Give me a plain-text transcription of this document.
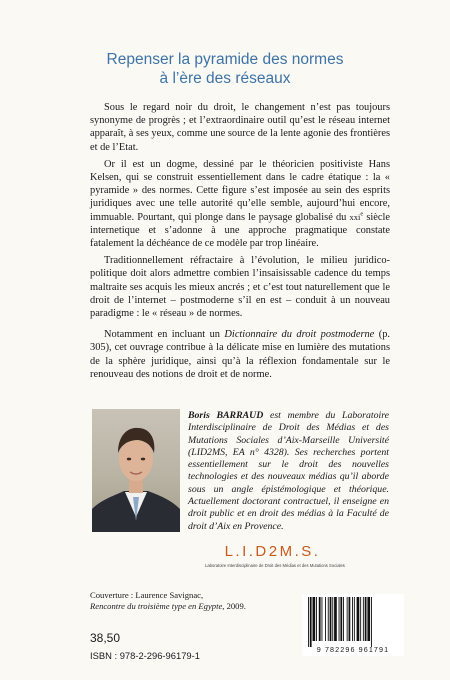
Repenser la pyramide des normes
à l’ère des réseaux

Sous le regard noir du droit, le changement n’est pas toujours synonyme de progrès ; et l’extraordinaire outil qu’est le réseau internet apparaît, à ses yeux, comme une source de la lente agonie des frontières et de l’Etat.

Or il est un dogme, dessiné par le théoricien positiviste Hans Kelsen, qui se construit essentiellement dans le cadre étatique : la « pyramide » des normes. Cette figure s’est imposée au sein des esprits juridiques avec une telle autorité qu’elle semble, aujourd’hui encore, immuable. Pourtant, qui plonge dans le paysage globalisé du xxi$^e$ siècle internetique et s’adonne à une approche pragmatique constate fatalement la déchéance de ce modèle par trop linéaire.

Traditionnellement réfractaire à l’évolution, le milieu juridico-politique doit alors admettre combien l’insaisissable cadence du temps maltraite ses acquis les mieux ancrés ; et c’est tout naturellement que le droit de l’internet – postmoderne s’il en est – conduit à un nouveau paradigme : le « réseau » de normes.

Notamment en incluant un Dictionnaire du droit postmoderne (p. 305), cet ouvrage contribue à la délicate mise en lumière des mutations de la sphère juridique, ainsi qu’à la réflexion fondamentale sur le renouveau des notions de droit et de norme.

Boris BARRAUD est membre du Laboratoire Interdisciplinaire de Droit des Médias et des Mutations Sociales d’Aix-Marseille Université (LID2MS, EA n° 4328). Ses recherches portent essentiellement sur le droit des nouvelles technologies et des nouveaux médias qu’il aborde sous un angle épistémologique et théorique. Actuellement doctorant contractuel, il enseigne en droit public et en droit des médias à la Faculté de droit d’Aix en Provence.
L.I.D2M.S.
Laboratoire Interdisciplinaire de Droit des Médias et des Mutations Sociales
Couverture : Laurence Savignac,
Rencontre du troisième type en Egypte, 2009.
38,50
ISBN : 978-2-296-96179-1
9 782296 961791
